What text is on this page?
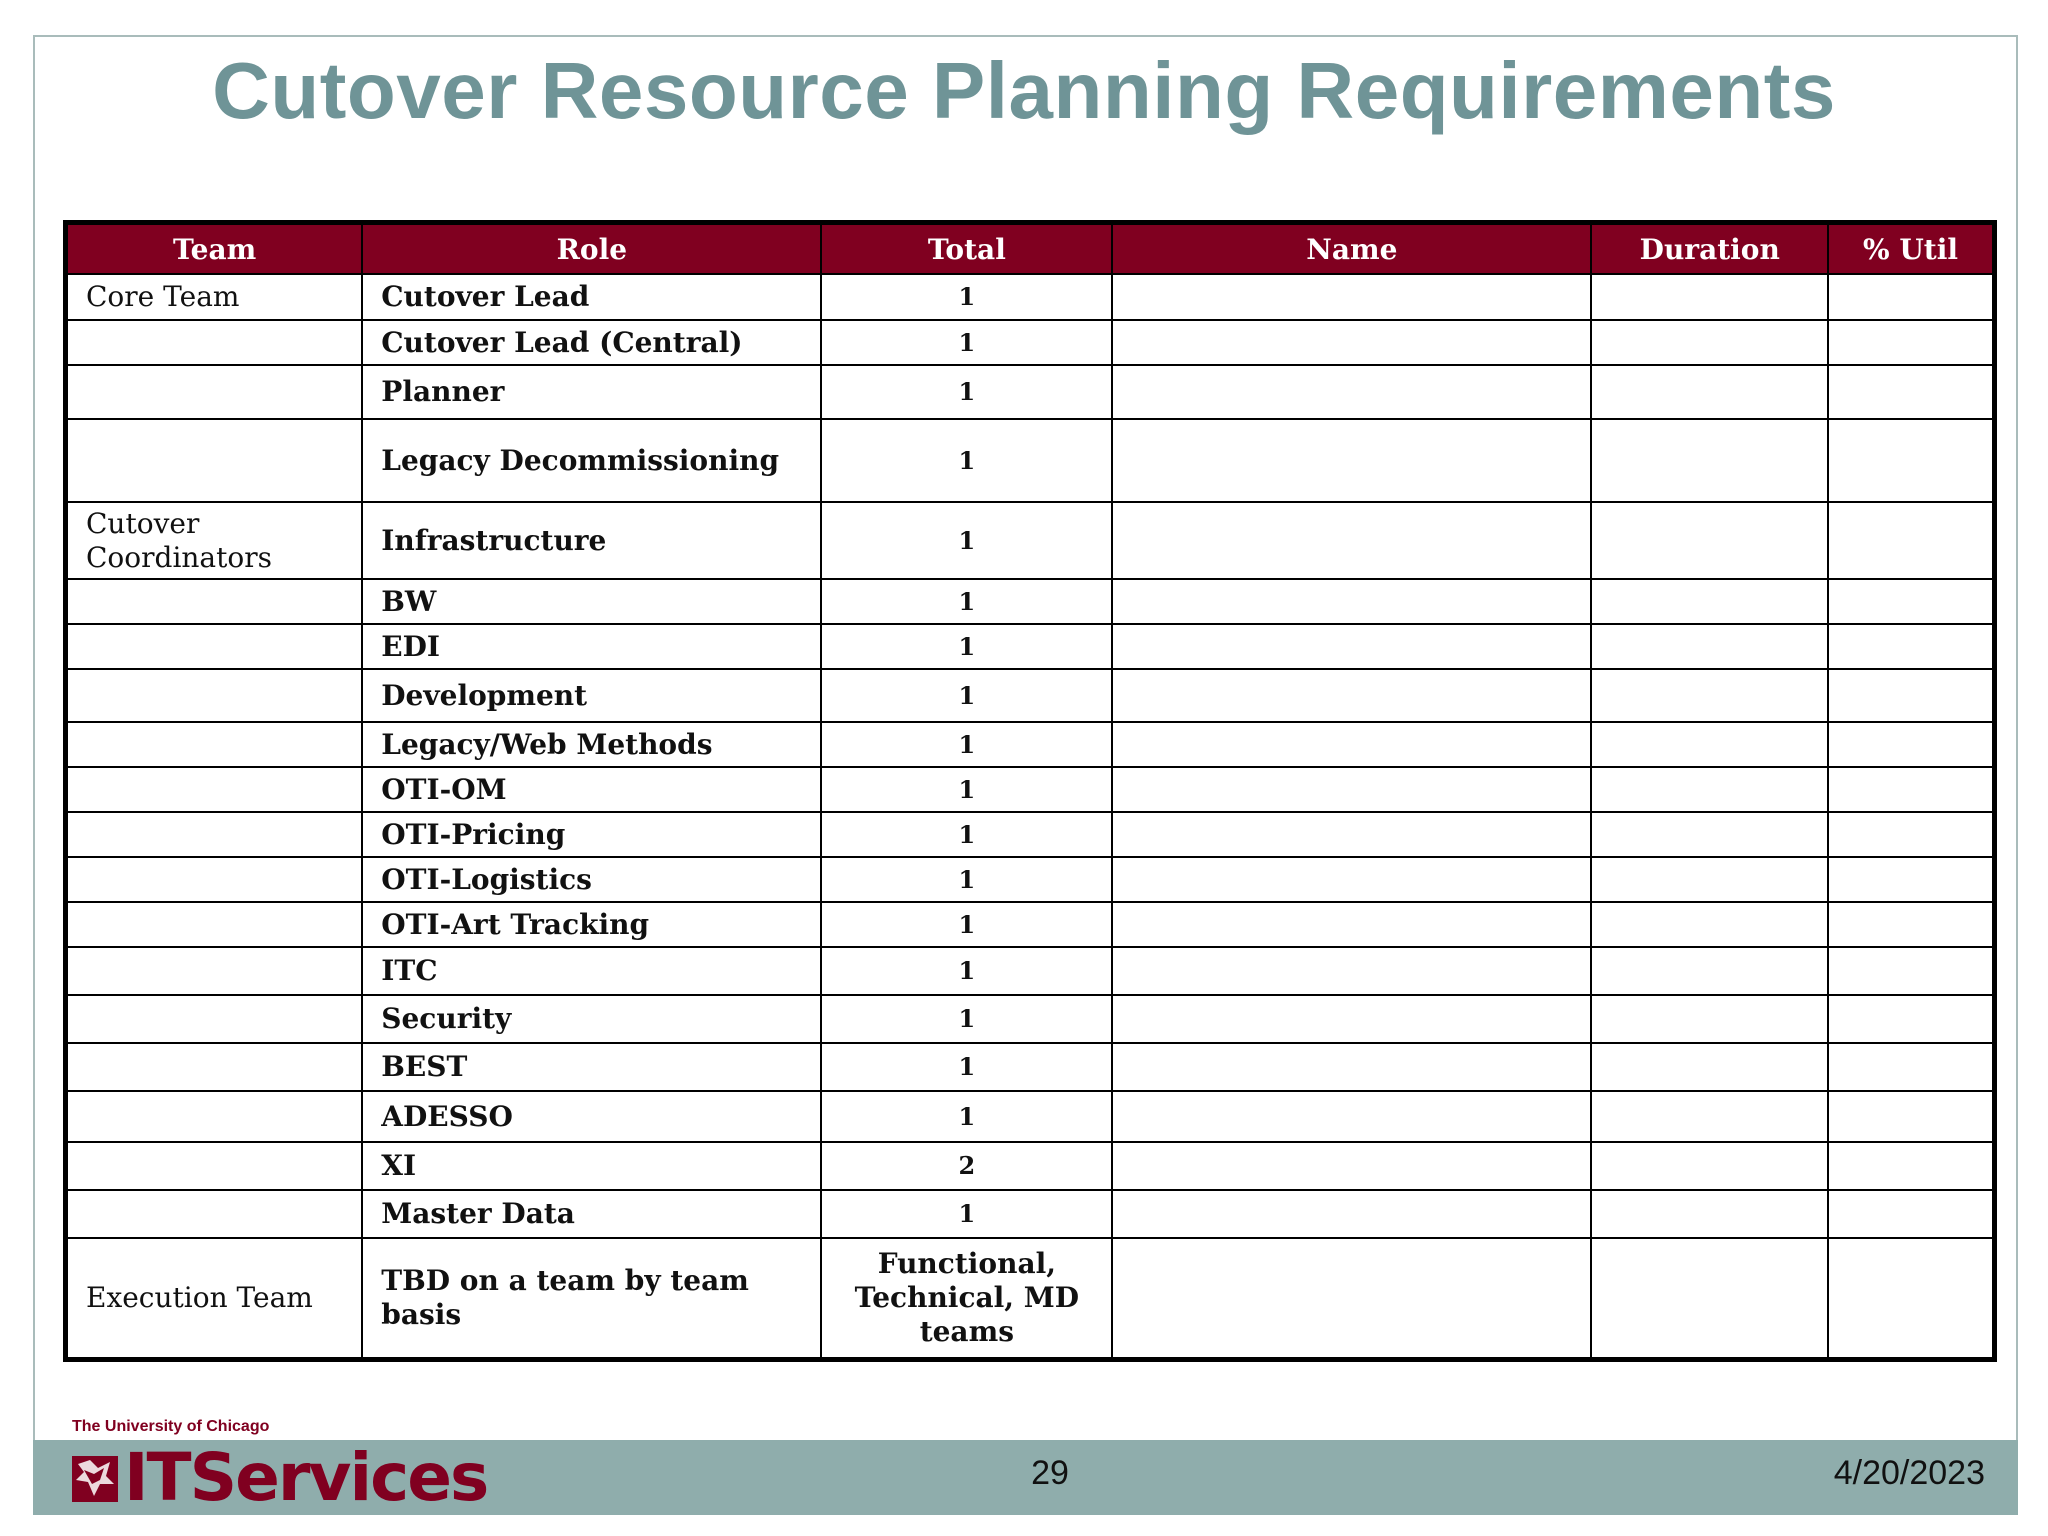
Cutover Resource Planning Requirements
Team	Role	Total	Name	Duration	% Util
Core Team	Cutover Lead	1			
	Cutover Lead (Central)	1			
	Planner	1			
	Legacy Decommissioning	1			
Cutover Coordinators	Infrastructure	1			
	BW	1			
	EDI	1			
	Development	1			
	Legacy/Web Methods	1			
	OTI-OM	1			
	OTI-Pricing	1			
	OTI-Logistics	1			
	OTI-Art Tracking	1			
	ITC	1			
	Security	1			
	BEST	1			
	ADESSO	1			
	XI	2			
	Master Data	1			
Execution Team	TBD on a team by team basis	Functional, Technical, MD teams			
The University of Chicago
ITServices	29	4/20/2023
